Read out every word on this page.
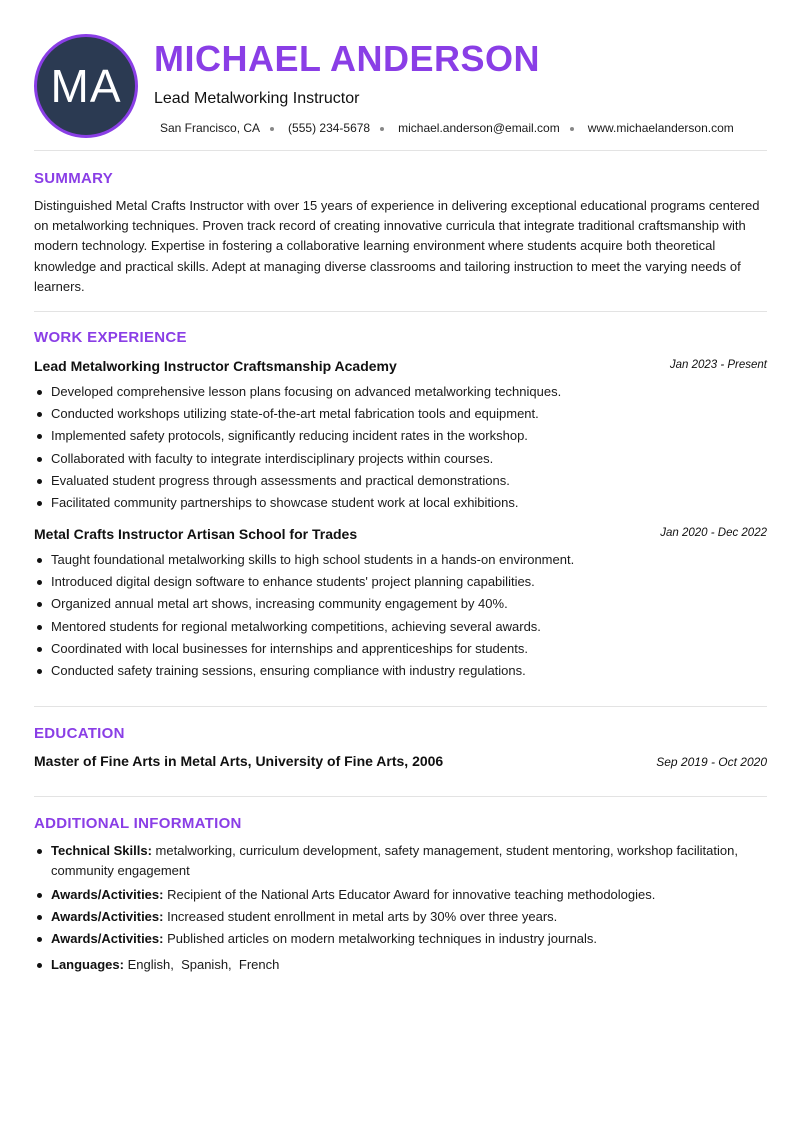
MA
MICHAEL ANDERSON
Lead Metalworking Instructor
San Francisco, CA (555) 234-5678 michael.anderson@email.com www.michaelanderson.com
SUMMARY

Distinguished Metal Crafts Instructor with over 15 years of experience in delivering exceptional educational programs centered on metalworking techniques. Proven track record of creating innovative curricula that integrate traditional craftsmanship with modern technology. Expertise in fostering a collaborative learning environment where students acquire both theoretical knowledge and practical skills. Adept at managing diverse classrooms and tailoring instruction to meet the varying needs of learners.

WORK EXPERIENCE
Lead Metalworking Instructor Craftsmanship Academy	Jan 2023 - Present
Developed comprehensive lesson plans focusing on advanced metalworking techniques.
Conducted workshops utilizing state-of-the-art metal fabrication tools and equipment.
Implemented safety protocols, significantly reducing incident rates in the workshop.
Collaborated with faculty to integrate interdisciplinary projects within courses.
Evaluated student progress through assessments and practical demonstrations.
Facilitated community partnerships to showcase student work at local exhibitions.
Metal Crafts Instructor Artisan School for Trades	Jan 2020 - Dec 2022
Taught foundational metalworking skills to high school students in a hands-on environment.
Introduced digital design software to enhance students' project planning capabilities.
Organized annual metal art shows, increasing community engagement by 40%.
Mentored students for regional metalworking competitions, achieving several awards.
Coordinated with local businesses for internships and apprenticeships for students.
Conducted safety training sessions, ensuring compliance with industry regulations.
EDUCATION
Master of Fine Arts in Metal Arts, University of Fine Arts, 2006	Sep 2019 - Oct 2020
ADDITIONAL INFORMATION
Technical Skills: metalworking, curriculum development, safety management, student mentoring, workshop facilitation, community engagement
Awards/Activities: Recipient of the National Arts Educator Award for innovative teaching methodologies.
Awards/Activities: Increased student enrollment in metal arts by 30% over three years.
Awards/Activities: Published articles on modern metalworking techniques in industry journals.
Languages: English,  Spanish,  French
